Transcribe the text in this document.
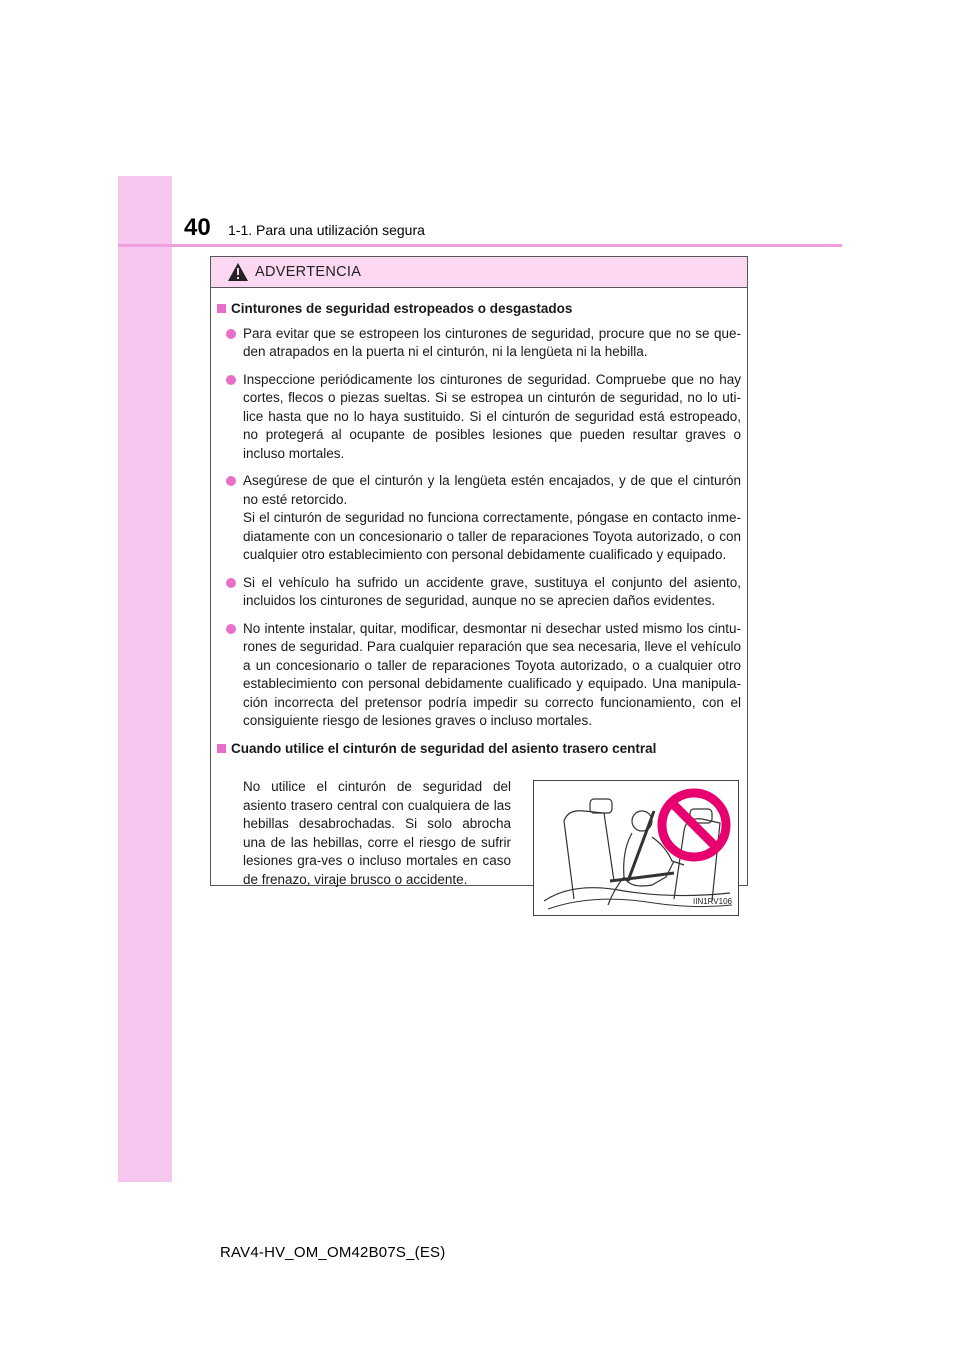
40 1-1. Para una utilización segura
ADVERTENCIA
Cinturones de seguridad estropeados o desgastados
Para evitar que se estropeen los cinturones de seguridad, procure que no se que-den atrapados en la puerta ni el cinturón, ni la lengüeta ni la hebilla.
Inspeccione periódicamente los cinturones de seguridad. Compruebe que no hay cortes, flecos o piezas sueltas. Si se estropea un cinturón de seguridad, no lo uti-lice hasta que no lo haya sustituido. Si el cinturón de seguridad está estropeado, no protegerá al ocupante de posibles lesiones que pueden resultar graves o incluso mortales.
Asegúrese de que el cinturón y la lengüeta estén encajados, y de que el cinturón no esté retorcido.
Si el cinturón de seguridad no funciona correctamente, póngase en contacto inme-diatamente con un concesionario o taller de reparaciones Toyota autorizado, o con cualquier otro establecimiento con personal debidamente cualificado y equipado.
Si el vehículo ha sufrido un accidente grave, sustituya el conjunto del asiento, incluidos los cinturones de seguridad, aunque no se aprecien daños evidentes.
No intente instalar, quitar, modificar, desmontar ni desechar usted mismo los cintu-rones de seguridad. Para cualquier reparación que sea necesaria, lleve el vehículo a un concesionario o taller de reparaciones Toyota autorizado, o a cualquier otro establecimiento con personal debidamente cualificado y equipado. Una manipula-ción incorrecta del pretensor podría impedir su correcto funcionamiento, con el consiguiente riesgo de lesiones graves o incluso mortales.
Cuando utilice el cinturón de seguridad del asiento trasero central
No utilice el cinturón de seguridad del asiento trasero central con cualquiera de las hebillas desabrochadas. Si solo abrocha una de las hebillas, corre el riesgo de sufrir lesiones gra-ves o incluso mortales en caso de frenazo, viraje brusco o accidente.
IIN1RV106
RAV4-HV_OM_OM42B07S_(ES)
